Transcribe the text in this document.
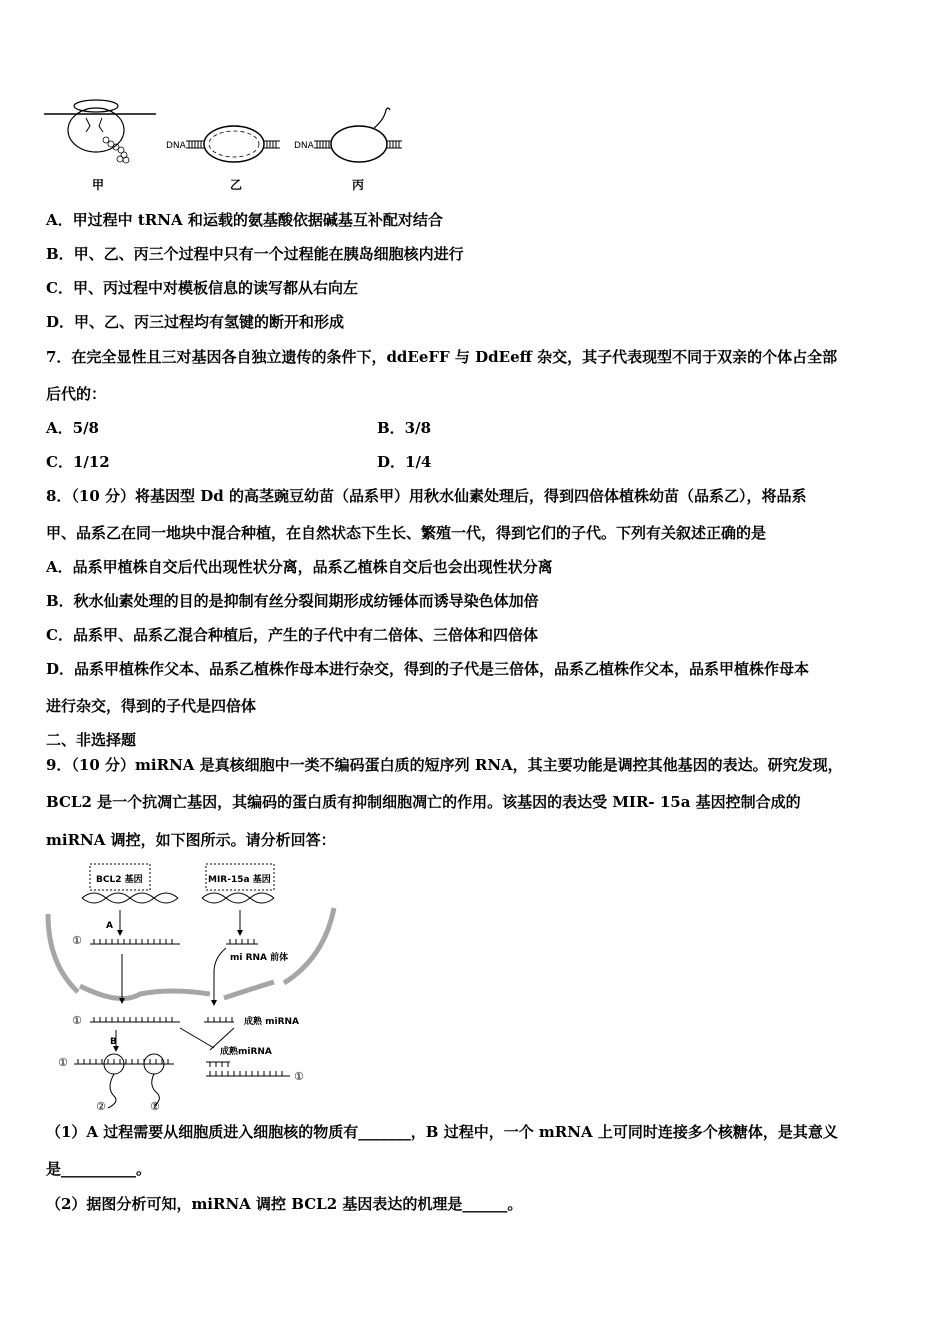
DNA	DNA
甲	乙	丙
A．甲过程中 tRNA 和运载的氨基酸依据碱基互补配对结合
B．甲、乙、丙三个过程中只有一个过程能在胰岛细胞核内进行
C．甲、丙过程中对模板信息的读写都从右向左
D．甲、乙、丙三过程均有氢键的断开和形成
7．在完全显性且三对基因各自独立遗传的条件下，ddEeFF 与 DdEeff 杂交，其子代表现型不同于双亲的个体占全部
后代的：
A．5/8	B．3/8
C．1/12	D．1/4
8．（10 分）将基因型 Dd 的高茎豌豆幼苗（品系甲）用秋水仙素处理后，得到四倍体植株幼苗（品系乙），将品系
甲、品系乙在同一地块中混合种植，在自然状态下生长、繁殖一代，得到它们的子代。下列有关叙述正确的是
A．品系甲植株自交后代出现性状分离，品系乙植株自交后也会出现性状分离
B．秋水仙素处理的目的是抑制有丝分裂间期形成纺锤体而诱导染色体加倍
C．品系甲、品系乙混合种植后，产生的子代中有二倍体、三倍体和四倍体
D．品系甲植株作父本、品系乙植株作母本进行杂交，得到的子代是三倍体，品系乙植株作父本，品系甲植株作母本
进行杂交，得到的子代是四倍体
二、非选择题
9．（10 分）miRNA 是真核细胞中一类不编码蛋白质的短序列 RNA，其主要功能是调控其他基因的表达。研究发现，
BCL2 是一个抗凋亡基因，其编码的蛋白质有抑制细胞凋亡的作用。该基因的表达受 MIR- 15a 基因控制合成的
miRNA 调控，如下图所示。请分析回答：
BCL2 基因	MIR-15a 基因
①
①
①
①
②	②
A
mi RNA 前体
成熟 miRNA
B
成熟miRNA
（1）A 过程需要从细胞质进入细胞核的物质有_______，B 过程中，一个 mRNA 上可同时连接多个核糖体，是其意义
是__________。
（2）据图分析可知，miRNA 调控 BCL2 基因表达的机理是______。
